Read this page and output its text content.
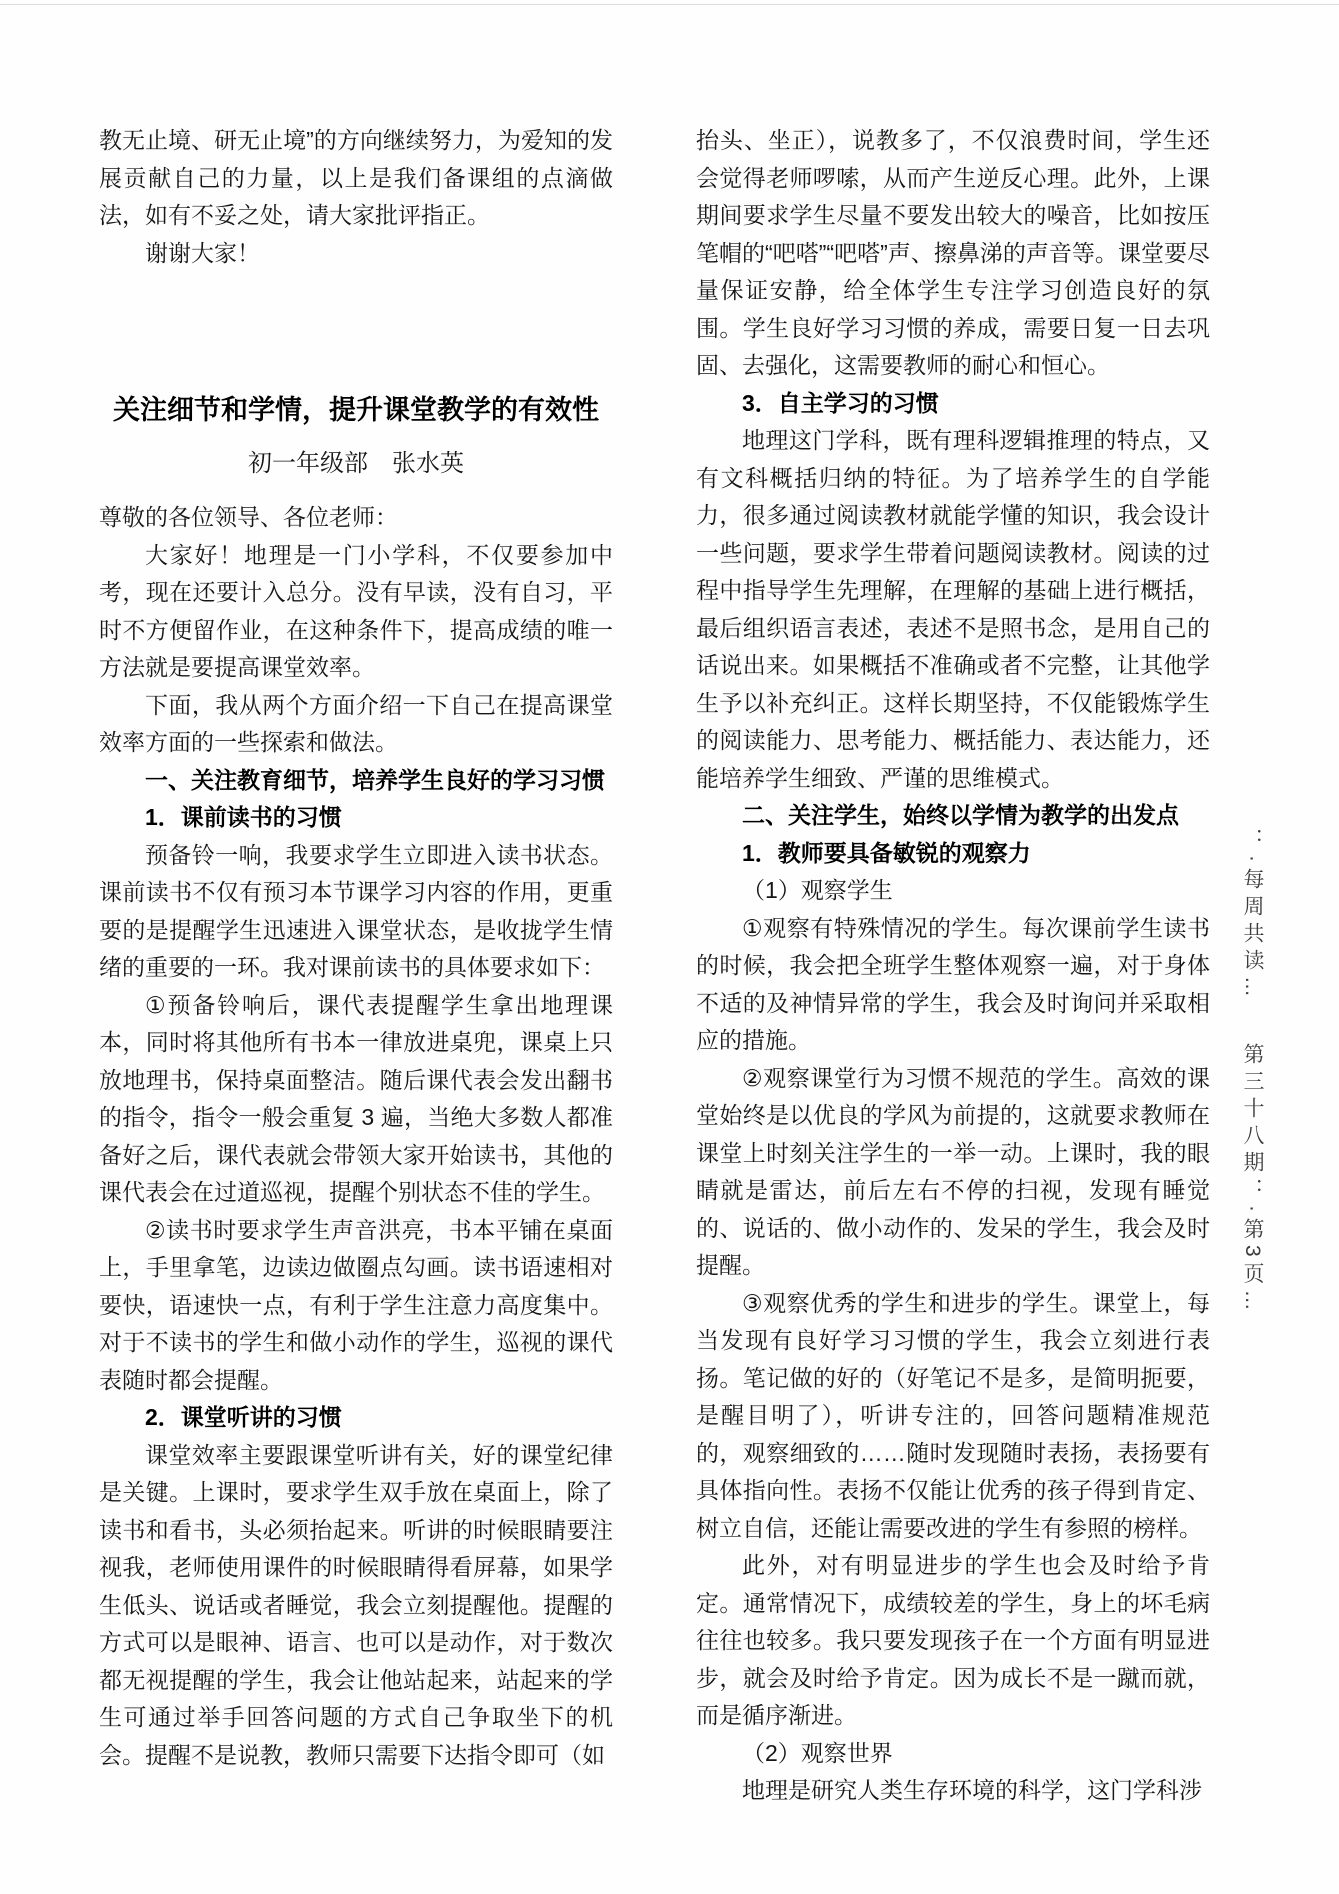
教无止境、研无止境”的方向继续努力，为爱知的发展贡献自己的力量，以上是我们备课组的点滴做法，如有不妥之处，请大家批评指正。
谢谢大家！
关注细节和学情，提升课堂教学的有效性
初一年级部　张水英
尊敬的各位领导、各位老师：
大家好！地理是一门小学科，不仅要参加中考，现在还要计入总分。没有早读，没有自习，平时不方便留作业，在这种条件下，提高成绩的唯一方法就是要提高课堂效率。
下面，我从两个方面介绍一下自己在提高课堂效率方面的一些探索和做法。
一、关注教育细节，培养学生良好的学习习惯
1．课前读书的习惯
预备铃一响，我要求学生立即进入读书状态。课前读书不仅有预习本节课学习内容的作用，更重要的是提醒学生迅速进入课堂状态，是收拢学生情绪的重要的一环。我对课前读书的具体要求如下：
①预备铃响后，课代表提醒学生拿出地理课本，同时将其他所有书本一律放进桌兜，课桌上只放地理书，保持桌面整洁。随后课代表会发出翻书的指令，指令一般会重复 3 遍，当绝大多数人都准备好之后，课代表就会带领大家开始读书，其他的课代表会在过道巡视，提醒个别状态不佳的学生。
②读书时要求学生声音洪亮，书本平铺在桌面上，手里拿笔，边读边做圈点勾画。读书语速相对要快，语速快一点，有利于学生注意力高度集中。对于不读书的学生和做小动作的学生，巡视的课代表随时都会提醒。
2．课堂听讲的习惯
课堂效率主要跟课堂听讲有关，好的课堂纪律是关键。上课时，要求学生双手放在桌面上，除了读书和看书，头必须抬起来。听讲的时候眼睛要注视我，老师使用课件的时候眼睛得看屏幕，如果学生低头、说话或者睡觉，我会立刻提醒他。提醒的方式可以是眼神、语言、也可以是动作，对于数次都无视提醒的学生，我会让他站起来，站起来的学生可通过举手回答问题的方式自己争取坐下的机会。提醒不是说教，教师只需要下达指令即可（如
抬头、坐正），说教多了，不仅浪费时间，学生还会觉得老师啰嗦，从而产生逆反心理。此外，上课期间要求学生尽量不要发出较大的噪音，比如按压笔帽的“吧嗒”“吧嗒”声、擦鼻涕的声音等。课堂要尽量保证安静，给全体学生专注学习创造良好的氛围。学生良好学习习惯的养成，需要日复一日去巩固、去强化，这需要教师的耐心和恒心。
3．自主学习的习惯
地理这门学科，既有理科逻辑推理的特点，又有文科概括归纳的特征。为了培养学生的自学能力，很多通过阅读教材就能学懂的知识，我会设计一些问题，要求学生带着问题阅读教材。阅读的过程中指导学生先理解，在理解的基础上进行概括，最后组织语言表述，表述不是照书念，是用自己的话说出来。如果概括不准确或者不完整，让其他学生予以补充纠正。这样长期坚持，不仅能锻炼学生的阅读能力、思考能力、概括能力、表达能力，还能培养学生细致、严谨的思维模式。
二、关注学生，始终以学情为教学的出发点
1．教师要具备敏锐的观察力
（1）观察学生
①观察有特殊情况的学生。每次课前学生读书的时候，我会把全班学生整体观察一遍，对于身体不适的及神情异常的学生，我会及时询问并采取相应的措施。
②观察课堂行为习惯不规范的学生。高效的课堂始终是以优良的学风为前提的，这就要求教师在课堂上时刻关注学生的一举一动。上课时，我的眼睛就是雷达，前后左右不停的扫视，发现有睡觉的、说话的、做小动作的、发呆的学生，我会及时提醒。
③观察优秀的学生和进步的学生。课堂上，每当发现有良好学习习惯的学生，我会立刻进行表扬。笔记做的好的（好笔记不是多，是简明扼要，是醒目明了），听讲专注的，回答问题精准规范的，观察细致的……随时发现随时表扬，表扬要有具体指向性。表扬不仅能让优秀的孩子得到肯定、树立自信，还能让需要改进的学生有参照的榜样。
此外，对有明显进步的学生也会及时给予肯定。通常情况下，成绩较差的学生，身上的坏毛病往往也较多。我只要发现孩子在一个方面有明显进步，就会及时给予肯定。因为成长不是一蹴而就，而是循序渐进。
（2）观察世界
地理是研究人类生存环境的科学，这门学科涉
：·每周共读… 第三十八期：·第3页…
